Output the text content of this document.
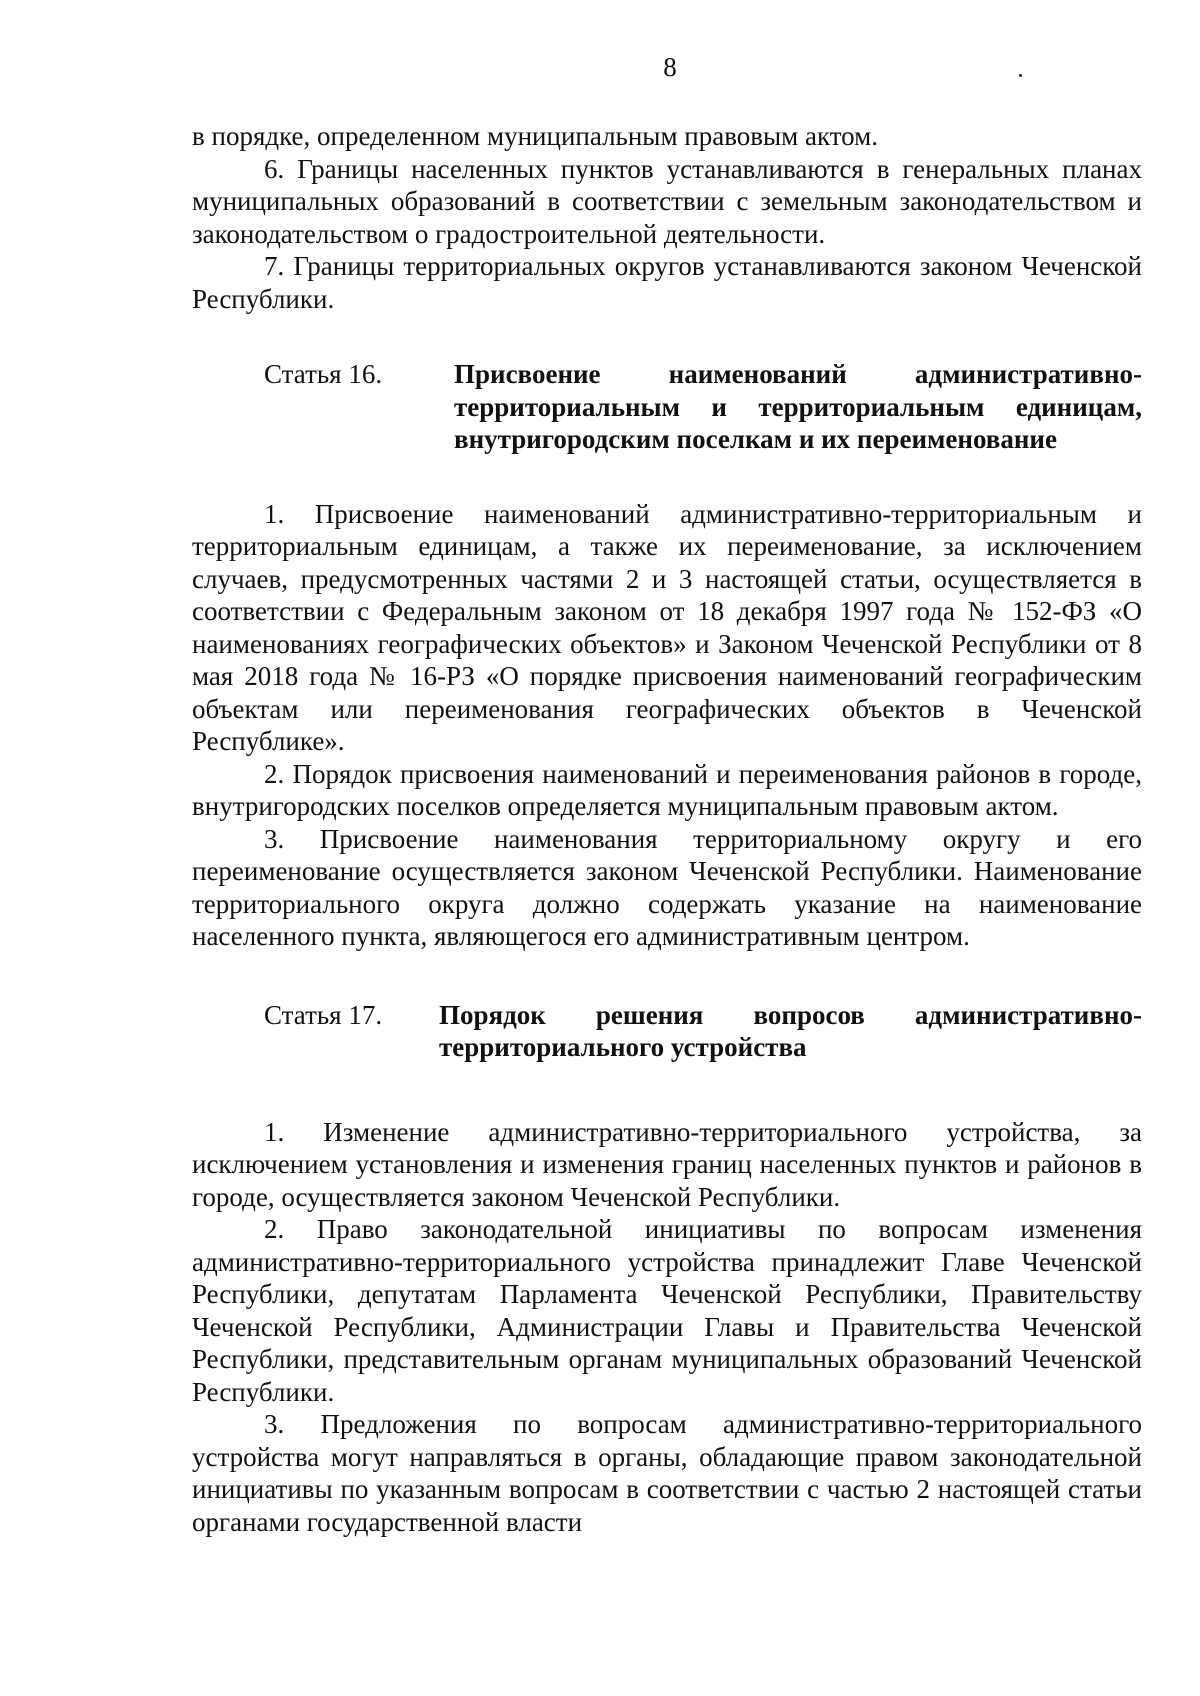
8

в порядке, определенном муниципальным правовым актом.

6. Границы населенных пунктов устанавливаются в генеральных планах муниципальных образований в соответствии с земельным законодательством и законодательством о градостроительной деятельности.

7. Границы территориальных округов устанавливаются законом Чеченской Республики.

Статья 16.	Присвоение наименований административно-территориальным и территориальным единицам, внутригородским поселкам и их переименование

1. Присвоение наименований административно-территориальным и территориальным единицам, а также их переименование, за исключением случаев, предусмотренных частями 2 и 3 настоящей статьи, осуществляется в соответствии с Федеральным законом от 18 декабря 1997 года № 152-ФЗ «О наименованиях географических объектов» и Законом Чеченской Республики от 8 мая 2018 года № 16-РЗ «О порядке присвоения наименований географическим объектам или переименования географических объектов в Чеченской Республике».

2. Порядок присвоения наименований и переименования районов в городе, внутригородских поселков определяется муниципальным правовым актом.

3. Присвоение наименования территориальному округу и его переименование осуществляется законом Чеченской Республики. Наименование территориального округа должно содержать указание на наименование населенного пункта, являющегося его административным центром.

Статья 17.	Порядок решения вопросов административно-территориального устройства

1. Изменение административно-территориального устройства, за исключением установления и изменения границ населенных пунктов и районов в городе, осуществляется законом Чеченской Республики.

2. Право законодательной инициативы по вопросам изменения административно-территориального устройства принадлежит Главе Чеченской Республики, депутатам Парламента Чеченской Республики, Правительству Чеченской Республики, Администрации Главы и Правительства Чеченской Республики, представительным органам муниципальных образований Чеченской Республики.

3. Предложения по вопросам административно-территориального устройства могут направляться в органы, обладающие правом законодательной инициативы по указанным вопросам в соответствии с частью 2 настоящей статьи органами государственной власти
